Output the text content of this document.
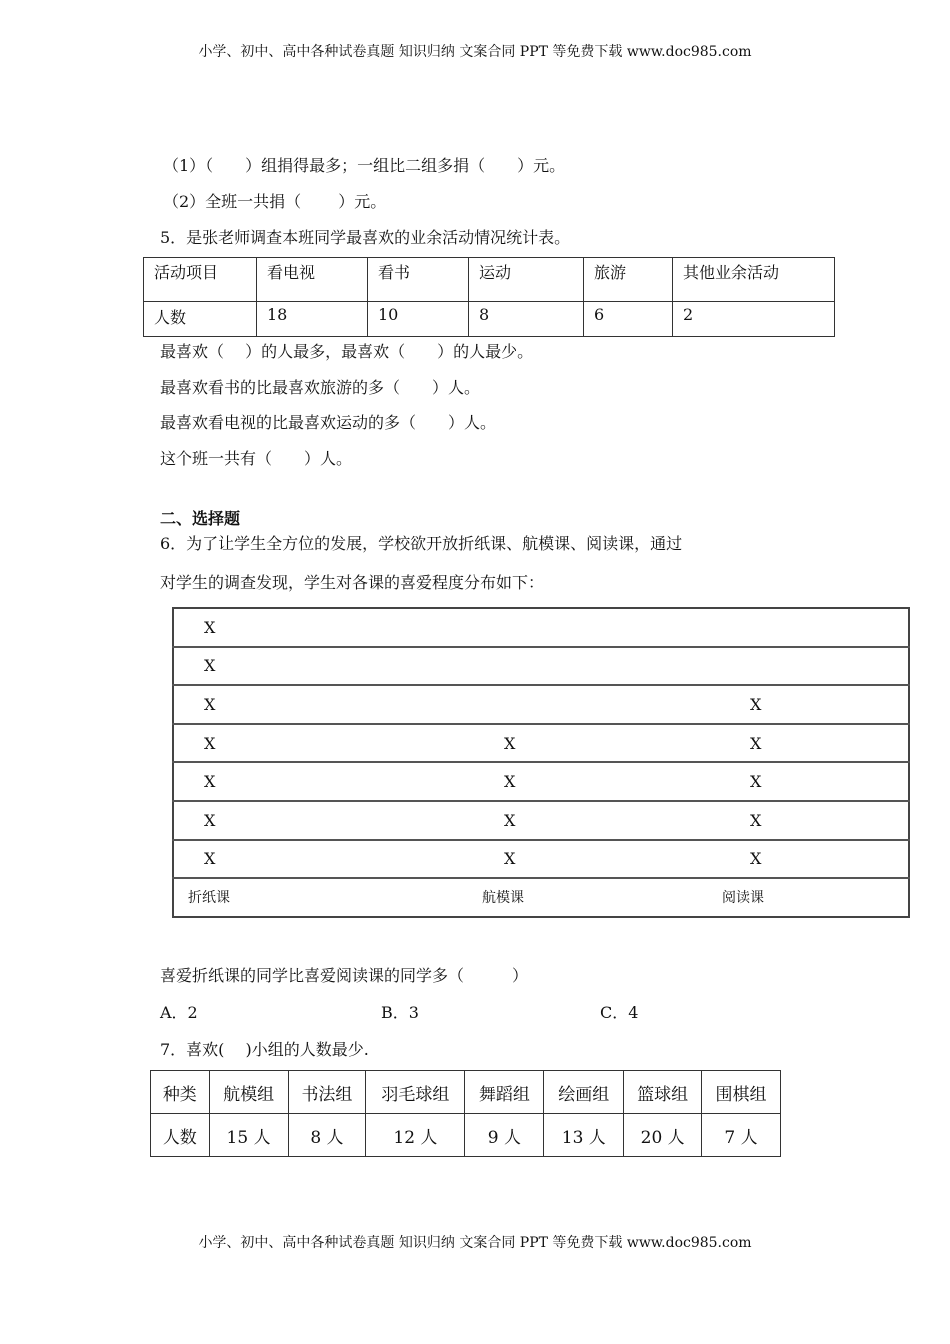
小学、初中、高中各种试卷真题 知识归纳 文案合同 PPT 等免费下载 www.doc985.com
（1）（　　）组捐得最多；一组比二组多捐（　　）元。
（2）全班一共捐（　　 ）元。
5．是张老师调查本班同学最喜欢的业余活动情况统计表。
活动项目	看电视	看书	运动	旅游	其他业余活动
人数	18	10	8	6	2
最喜欢（　 ）的人最多，最喜欢（　　）的人最少。
最喜欢看书的比最喜欢旅游的多（　　）人。
最喜欢看电视的比最喜欢运动的多（　　）人。
这个班一共有（　　）人。
二、选择题
6．为了让学生全方位的发展，学校欲开放折纸课、航模课、阅读课，通过
对学生的调查发现，学生对各课的喜爱程度分布如下：
X		
X		
X		X
X	X	X
X	X	X
X	X	X
X	X	X
折纸课	航模课	阅读课
喜爱折纸课的同学比喜爱阅读课的同学多（　　　）
A．2	B．3	C．4
7．喜欢(　 )小组的人数最少.
种类	航模组	书法组	羽毛球组	舞蹈组	绘画组	篮球组	围棋组
人数	15 人	8 人	12 人	9 人	13 人	20 人	7 人
小学、初中、高中各种试卷真题 知识归纳 文案合同 PPT 等免费下载 www.doc985.com
